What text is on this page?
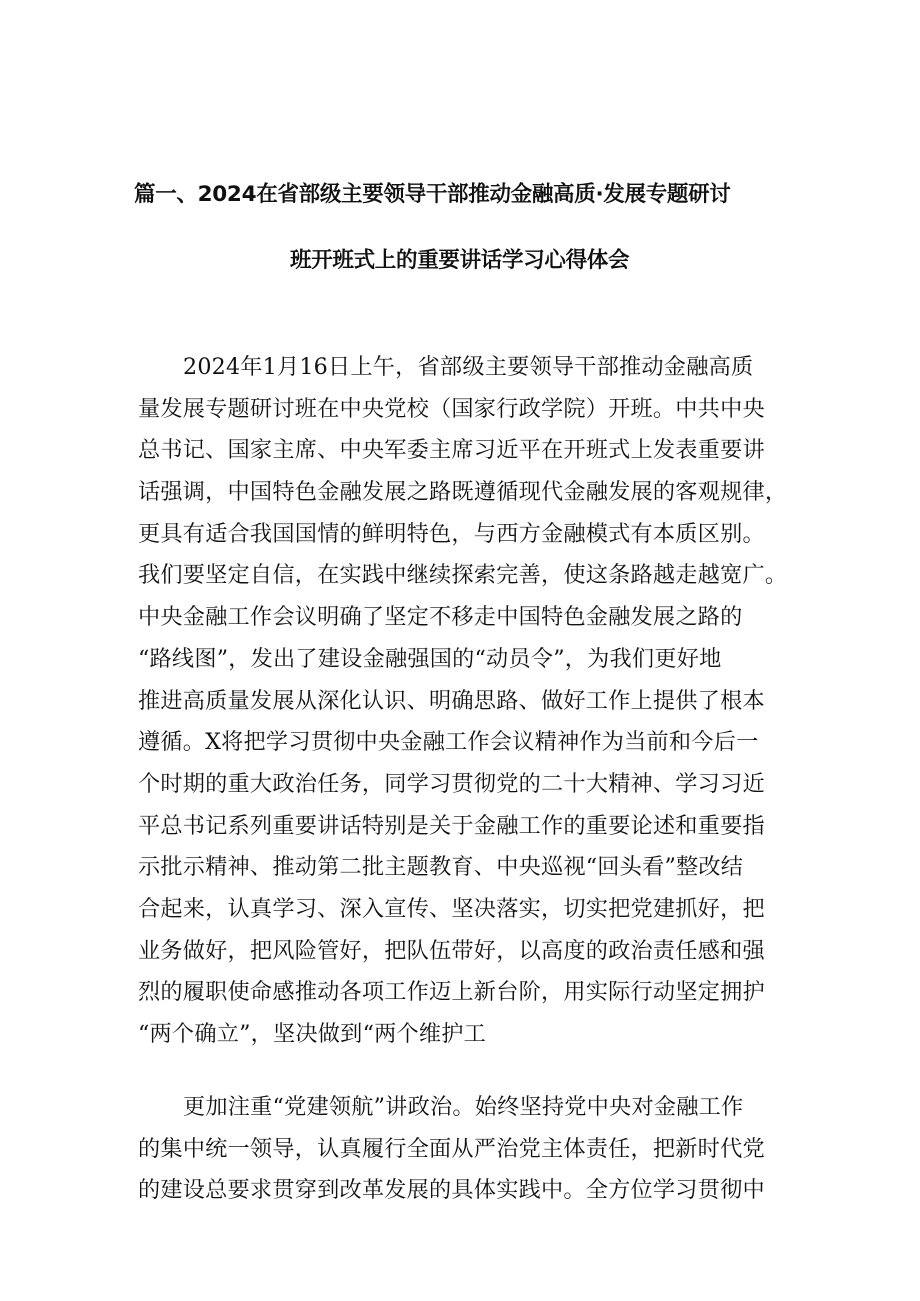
篇一、2024在省部级主要领导干部推动金融高质·发展专题研讨
班开班式上的重要讲话学习心得体会
2024年1月16日上午，省部级主要领导干部推动金融高质
量发展专题研讨班在中央党校（国家行政学院）开班。中共中央
总书记、国家主席、中央军委主席习近平在开班式上发表重要讲
话强调，中国特色金融发展之路既遵循现代金融发展的客观规律，
更具有适合我国国情的鲜明特色，与西方金融模式有本质区别。
我们要坚定自信，在实践中继续探索完善，使这条路越走越宽广。
中央金融工作会议明确了坚定不移走中国特色金融发展之路的
“路线图”，发出了建设金融强国的“动员令”，为我们更好地
推进高质量发展从深化认识、明确思路、做好工作上提供了根本
遵循。X将把学习贯彻中央金融工作会议精神作为当前和今后一
个时期的重大政治任务，同学习贯彻党的二十大精神、学习习近
平总书记系列重要讲话特别是关于金融工作的重要论述和重要指
示批示精神、推动第二批主题教育、中央巡视“回头看”整改结
合起来，认真学习、深入宣传、坚决落实，切实把党建抓好，把
业务做好，把风险管好，把队伍带好，以高度的政治责任感和强
烈的履职使命感推动各项工作迈上新台阶，用实际行动坚定拥护
“两个确立”，坚决做到“两个维护工
更加注重“党建领航”讲政治。始终坚持党中央对金融工作
的集中统一领导，认真履行全面从严治党主体责任，把新时代党
的建设总要求贯穿到改革发展的具体实践中。全方位学习贯彻中
